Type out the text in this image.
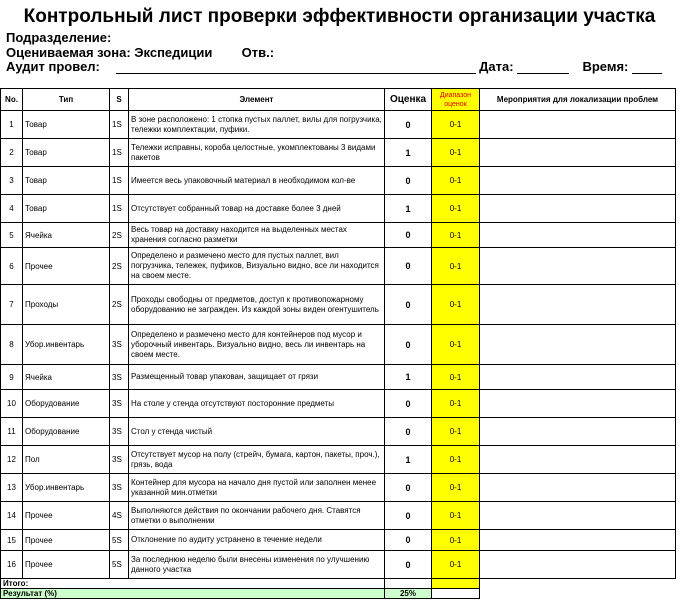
Контрольный лист проверки эффективности организации участка
Подразделение:
Оцениваемая зона: Экспедиции Отв.:
Аудит провел:	Дата:	Время:
No.	Тип	S	Элемент	Оценка	Диапазон оценок	Мероприятия для локализации проблем
1	Товар	1S	В зоне расположено: 1 стопка пустых паллет, вилы для погрузчика, тележки комплектации, пуфики.	0	0-1	
2	Товар	1S	Тележки исправны, короба целостные, укомплектованы 3 видами пакетов	1	0-1	
3	Товар	1S	Имеется весь упаковочный материал в необходимом кол-ве	0	0-1	
4	Товар	1S	Отсутствует собранный товар на доставке более 3 дней	1	0-1	
5	Ячейка	2S	Весь товар на доставку находится на выделенных местах хранения согласно разметки	0	0-1	
6	Прочее	2S	Определено и размечено место для пустых паллет, вил погрузчика, тележек, пуфиков, Визуально видно, все ли находится на своем месте.	0	0-1	
7	Проходы	2S	Проходы свободны от предметов, доступ к противопожарному оборудованию не загражден. Из каждой зоны виден огентушитель	0	0-1	
8	Убор.инвентарь	3S	Определено и размечено место для контейнеров под мусор и уборочный инвентарь. Визуально видно, весь ли инвентарь на своем месте.	0	0-1	
9	Ячейка	3S	Размещенный товар упакован, защищает от грязи	1	0-1	
10	Оборудование	3S	На столе у стенда отсутствуют посторонние предметы	0	0-1	
11	Оборудование	3S	Стол у стенда чистый	0	0-1	
12	Пол	3S	Отсутствует мусор на полу (стрейч, бумага, картон, пакеты, проч.), грязь, вода	1	0-1	
13	Убор.инвентарь	3S	Контейнер для мусора на начало дня пустой или заполнен менее указанной мин.отметки	0	0-1	
14	Прочее	4S	Выполняются действия по окончании рабочего дня. Ставятся отметки о выполнении	0	0-1	
15	Прочее	5S	Отклонение по аудиту устранено в течение недели	0	0-1	
16	Прочее	5S	За последнюю неделю были внесены изменения по улучшению данного участка	0	0-1	
Итого:						
Результат (%)				25%		
